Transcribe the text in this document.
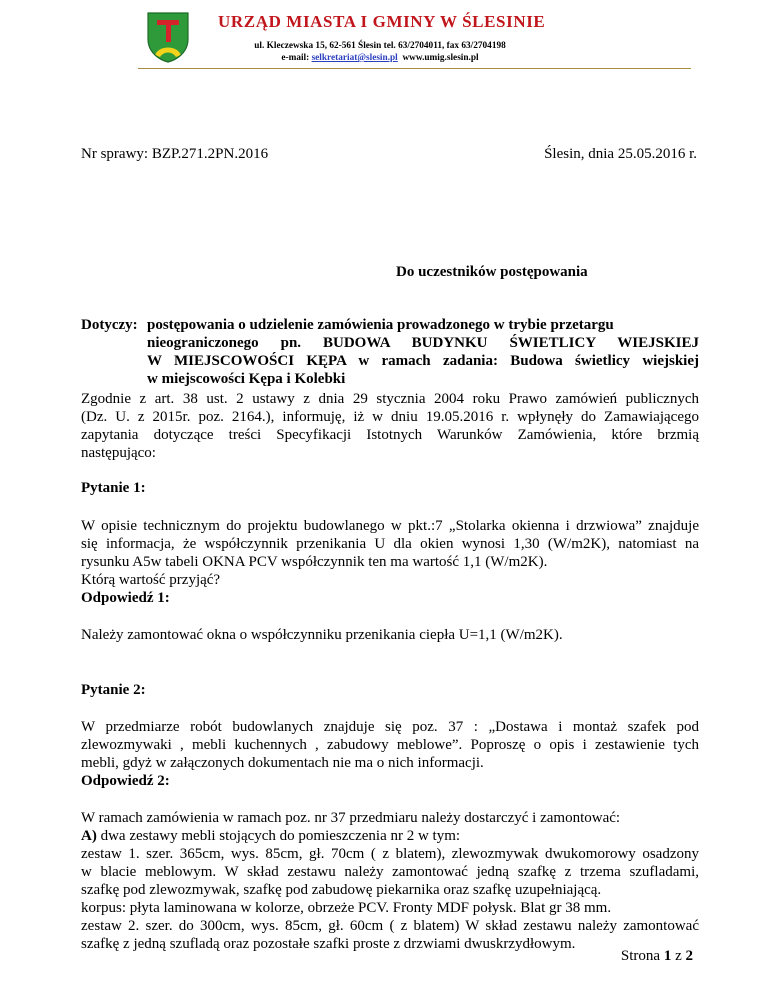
URZĄD MIASTA I GMINY W ŚLESINIE
ul. Kleczewska 15, 62-561 Ślesin tel. 63/2704011, fax 63/2704198
e-mail: selkretariat@slesin.pl www.umig.slesin.pl
Nr sprawy: BZP.271.2PN.2016	Ślesin, dnia 25.05.2016 r.
Do uczestników postępowania
Dotyczy: postępowania o udzielenie zamówienia prowadzonego w trybie przetargu
nieograniczonego pn. BUDOWA BUDYNKU ŚWIETLICY WIEJSKIEJ
W MIEJSCOWOŚCI KĘPA w ramach zadania: Budowa świetlicy wiejskiej
w miejscowości Kępa i Kolebki
Zgodnie z art. 38 ust. 2 ustawy z dnia 29 stycznia 2004 roku Prawo zamówień publicznych
(Dz. U. z 2015r. poz. 2164.), informuję, iż w dniu 19.05.2016 r. wpłynęły do Zamawiającego
zapytania dotyczące treści Specyfikacji Istotnych Warunków Zamówienia, które brzmią
następująco:
Pytanie 1:
W opisie technicznym do projektu budowlanego w pkt.:7 „Stolarka okienna i drzwiowa” znajduje
się informacja, że współczynnik przenikania U dla okien wynosi 1,30 (W/m2K), natomiast na
rysunku A5w tabeli OKNA PCV współczynnik ten ma wartość 1,1 (W/m2K).
Którą wartość przyjąć?
Odpowiedź 1:
Należy zamontować okna o współczynniku przenikania ciepła U=1,1 (W/m2K).
Pytanie 2:
W przedmiarze robót budowlanych znajduje się poz. 37 : „Dostawa i montaż szafek pod
zlewozmywaki , mebli kuchennych , zabudowy meblowe”. Poproszę o opis i zestawienie tych
mebli, gdyż w załączonych dokumentach nie ma o nich informacji.
Odpowiedź 2:
W ramach zamówienia w ramach poz. nr 37 przedmiaru należy dostarczyć i zamontować:
A) dwa zestawy mebli stojących do pomieszczenia nr 2 w tym:
zestaw 1. szer. 365cm, wys. 85cm, gł. 70cm ( z blatem), zlewozmywak dwukomorowy osadzony
w blacie meblowym. W skład zestawu należy zamontować jedną szafkę z trzema szufladami,
szafkę pod zlewozmywak, szafkę pod zabudowę piekarnika oraz szafkę uzupełniającą.
korpus: płyta laminowana w kolorze, obrzeże PCV. Fronty MDF połysk. Blat gr 38 mm.
zestaw 2. szer. do 300cm, wys. 85cm, gł. 60cm ( z blatem) W skład zestawu należy zamontować
szafkę z jedną szufladą oraz pozostałe szafki proste z drzwiami dwuskrzydłowym.
Strona 1 z 2
